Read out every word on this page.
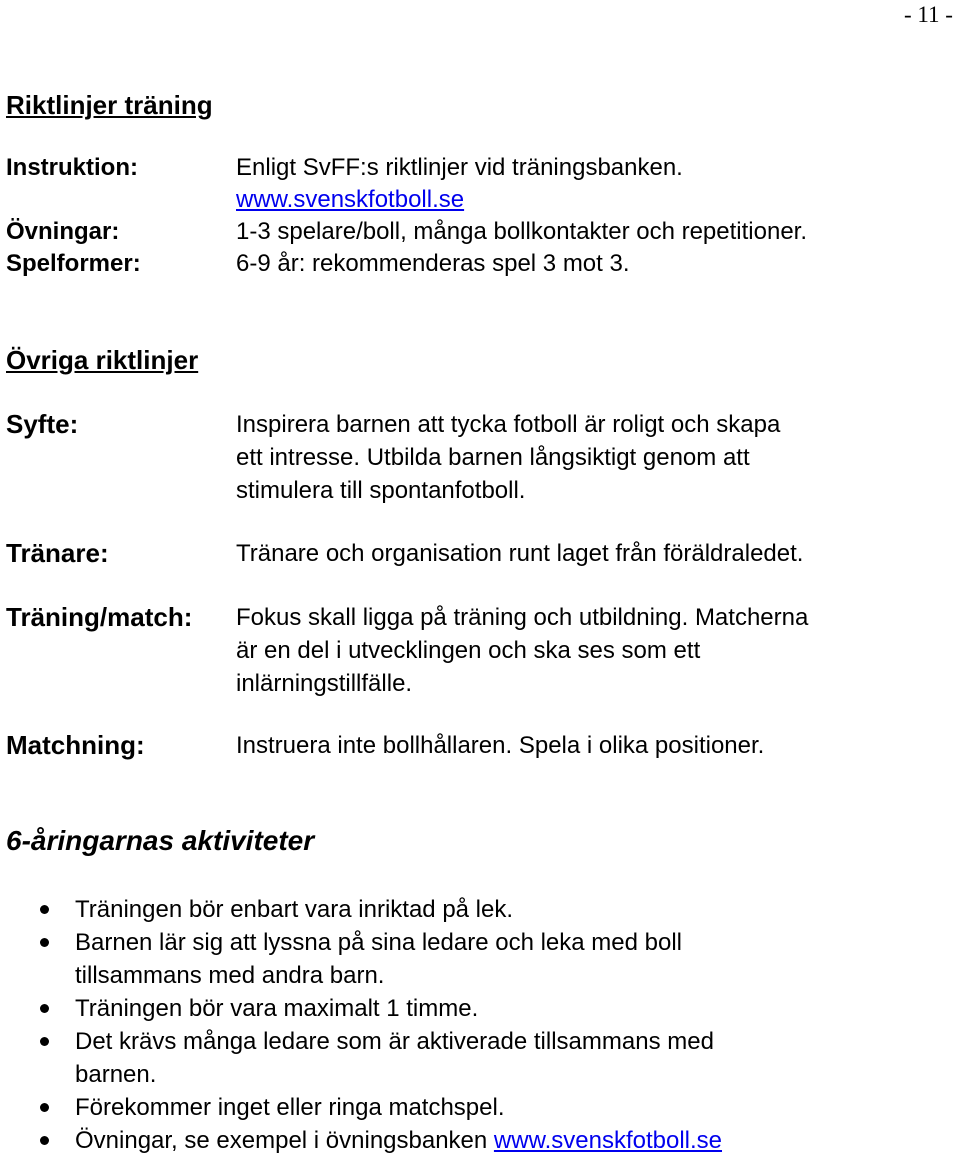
- 11 -
Riktlinjer träning
Instruktion:	Enligt SvFF:s riktlinjer vid träningsbanken.
www.svenskfotboll.se
Övningar:	1-3 spelare/boll, många bollkontakter och repetitioner.
Spelformer:	6-9 år: rekommenderas spel 3 mot 3.
Övriga riktlinjer
Syfte:	Inspirera barnen att tycka fotboll är roligt och skapa
ett intresse. Utbilda barnen långsiktigt genom att
stimulera till spontanfotboll.
Tränare:	Tränare och organisation runt laget från föräldraledet.
Träning/match: Fokus skall ligga på träning och utbildning. Matcherna
är en del i utvecklingen och ska ses som ett
inlärningstillfälle.
Matchning:	Instruera inte bollhållaren. Spela i olika positioner.
6-åringarnas aktiviteter
Träningen bör enbart vara inriktad på lek.
Barnen lär sig att lyssna på sina ledare och leka med boll
tillsammans med andra barn.
Träningen bör vara maximalt 1 timme.
Det krävs många ledare som är aktiverade tillsammans med
barnen.
Förekommer inget eller ringa matchspel.
Övningar, se exempel i övningsbanken www.svenskfotboll.se
